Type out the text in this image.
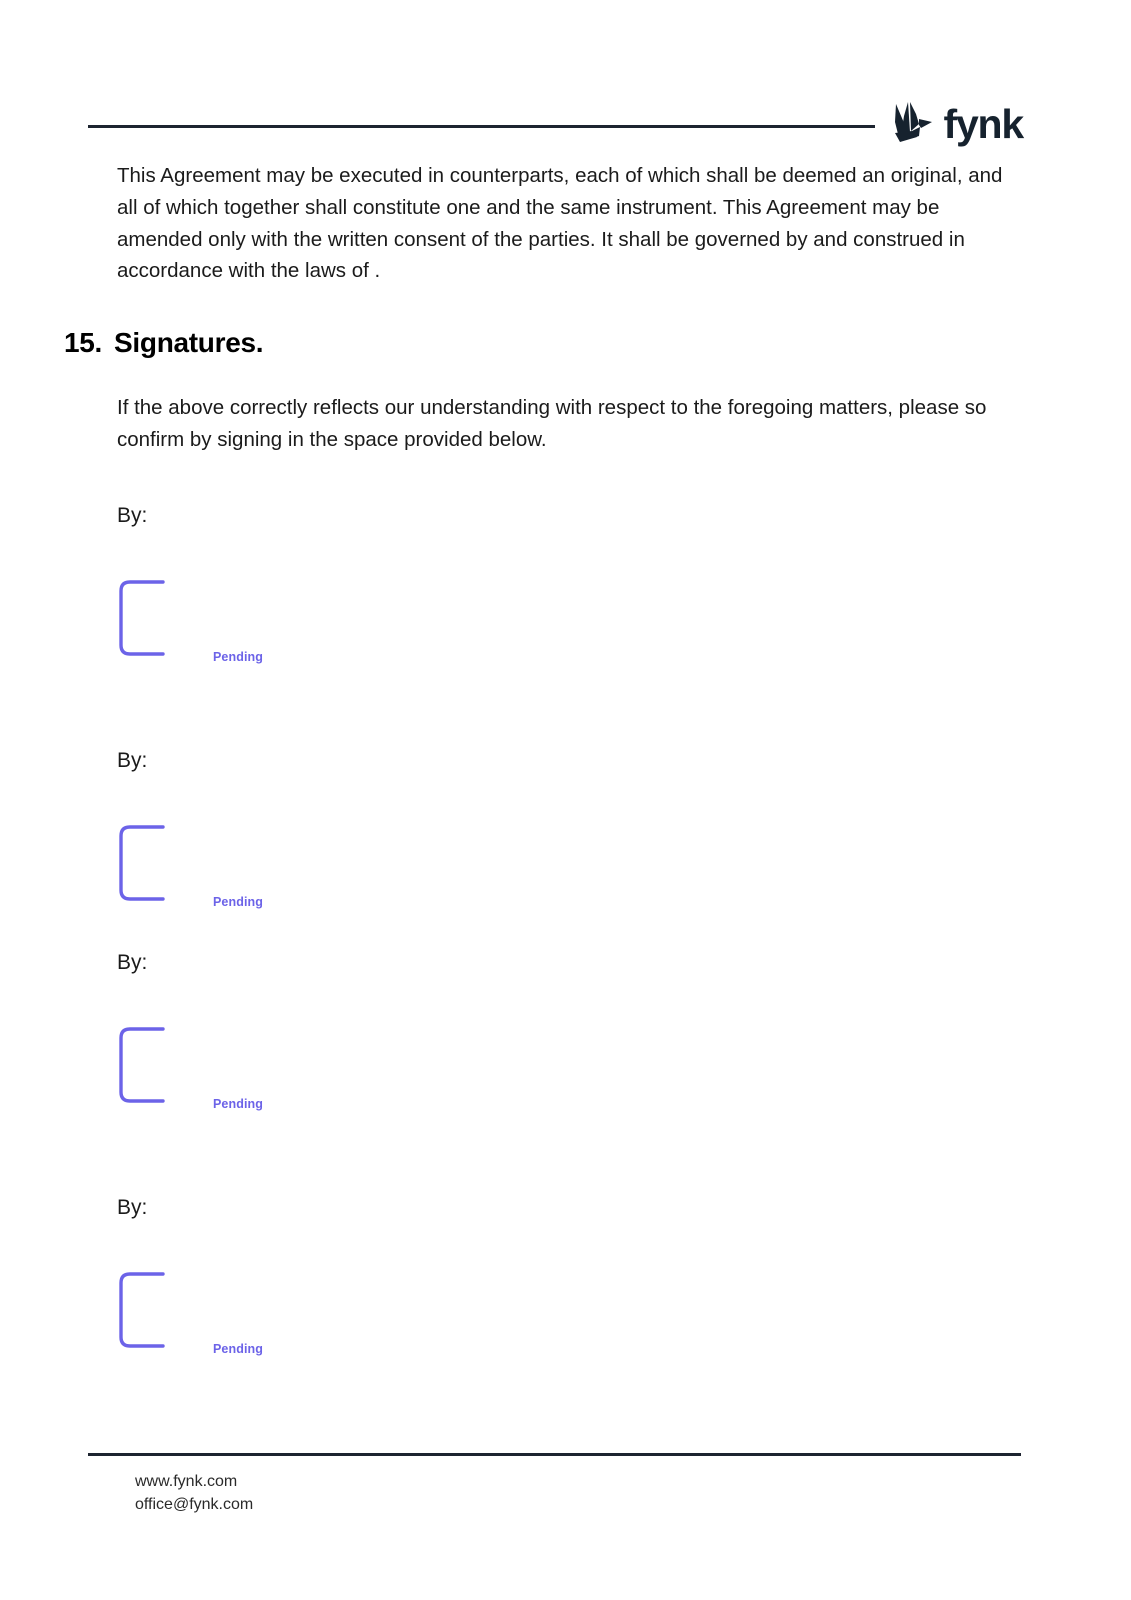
fynk

This Agreement may be executed in counterparts, each of which shall be deemed an original, and all of which together shall constitute one and the same instrument. This Agreement may be amended only with the written consent of the parties. It shall be governed by and construed in accordance with the laws of .

15. Signatures.

If the above correctly reflects our understanding with respect to the foregoing matters, please so confirm by signing in the space provided below.

By:
Pending
By:
Pending
By:
Pending
By:
Pending
www.fynk.com
office@fynk.com
